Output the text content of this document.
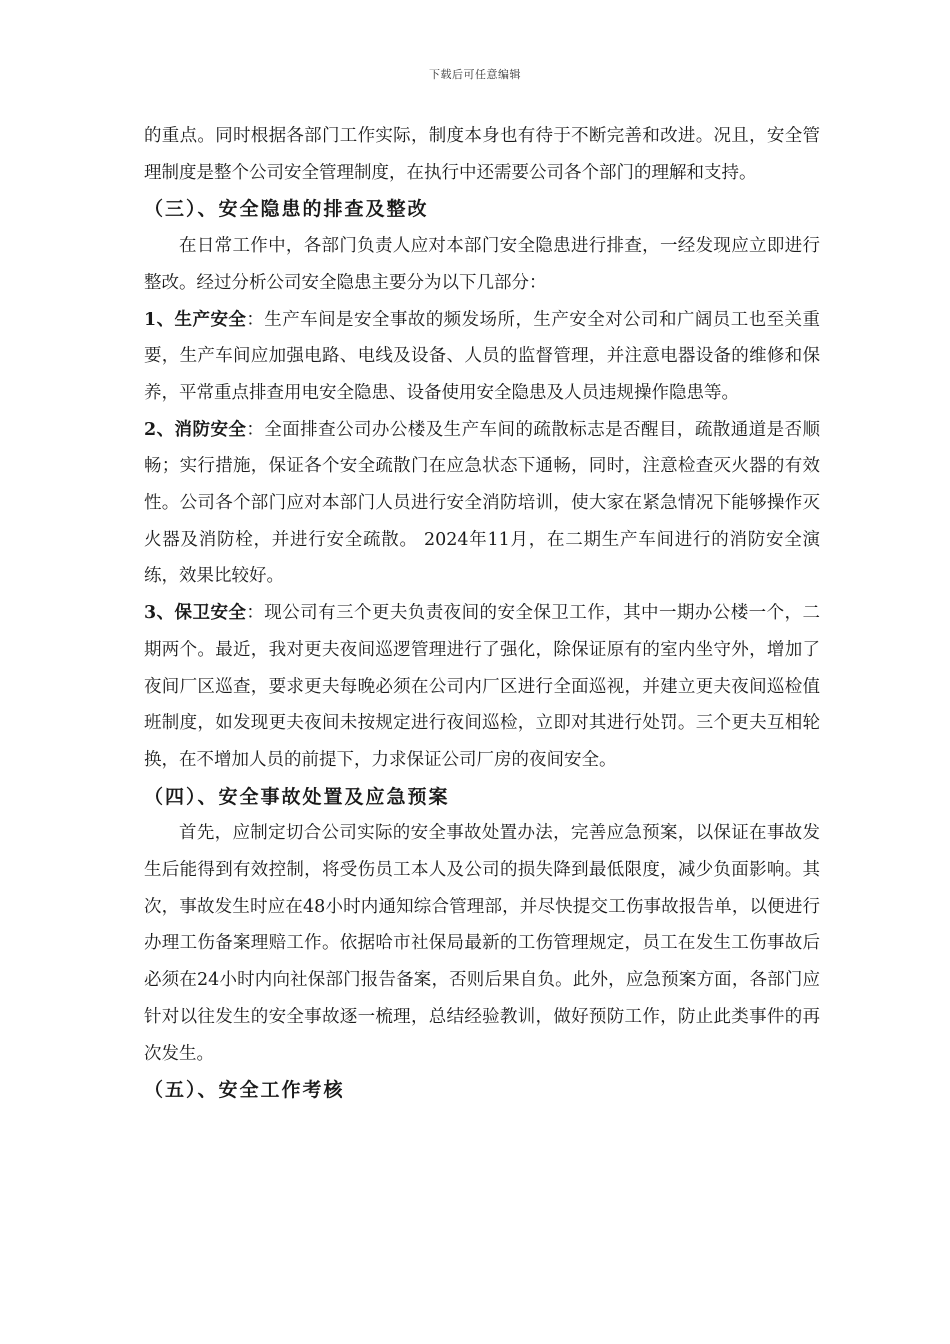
下载后可任意编辑

的重点。同时根据各部门工作实际，制度本身也有待于不断完善和改进。况且，安全管理制度是整个公司安全管理制度，在执行中还需要公司各个部门的理解和支持。

（三）、安全隐患的排查及整改

在日常工作中，各部门负责人应对本部门安全隐患进行排查，一经发现应立即进行整改。经过分析公司安全隐患主要分为以下几部分：

1、生产安全：生产车间是安全事故的频发场所，生产安全对公司和广阔员工也至关重要，生产车间应加强电路、电线及设备、人员的监督管理，并注意电器设备的维修和保养，平常重点排查用电安全隐患、设备使用安全隐患及人员违规操作隐患等。

2、消防安全：全面排查公司办公楼及生产车间的疏散标志是否醒目，疏散通道是否顺畅；实行措施，保证各个安全疏散门在应急状态下通畅，同时，注意检查灭火器的有效性。公司各个部门应对本部门人员进行安全消防培训，使大家在紧急情况下能够操作灭火器及消防栓，并进行安全疏散。 2024年11月，在二期生产车间进行的消防安全演练，效果比较好。

3、保卫安全：现公司有三个更夫负责夜间的安全保卫工作，其中一期办公楼一个，二期两个。最近，我对更夫夜间巡逻管理进行了强化，除保证原有的室内坐守外，增加了夜间厂区巡查，要求更夫每晚必须在公司内厂区进行全面巡视，并建立更夫夜间巡检值班制度，如发现更夫夜间未按规定进行夜间巡检，立即对其进行处罚。三个更夫互相轮换，在不增加人员的前提下，力求保证公司厂房的夜间安全。

（四）、安全事故处置及应急预案

首先，应制定切合公司实际的安全事故处置办法，完善应急预案，以保证在事故发生后能得到有效控制，将受伤员工本人及公司的损失降到最低限度，减少负面影响。其次，事故发生时应在48小时内通知综合管理部，并尽快提交工伤事故报告单，以便进行办理工伤备案理赔工作。依据哈市社保局最新的工伤管理规定，员工在发生工伤事故后必须在24小时内向社保部门报告备案，否则后果自负。此外，应急预案方面，各部门应针对以往发生的安全事故逐一梳理，总结经验教训，做好预防工作，防止此类事件的再次发生。

（五）、安全工作考核
